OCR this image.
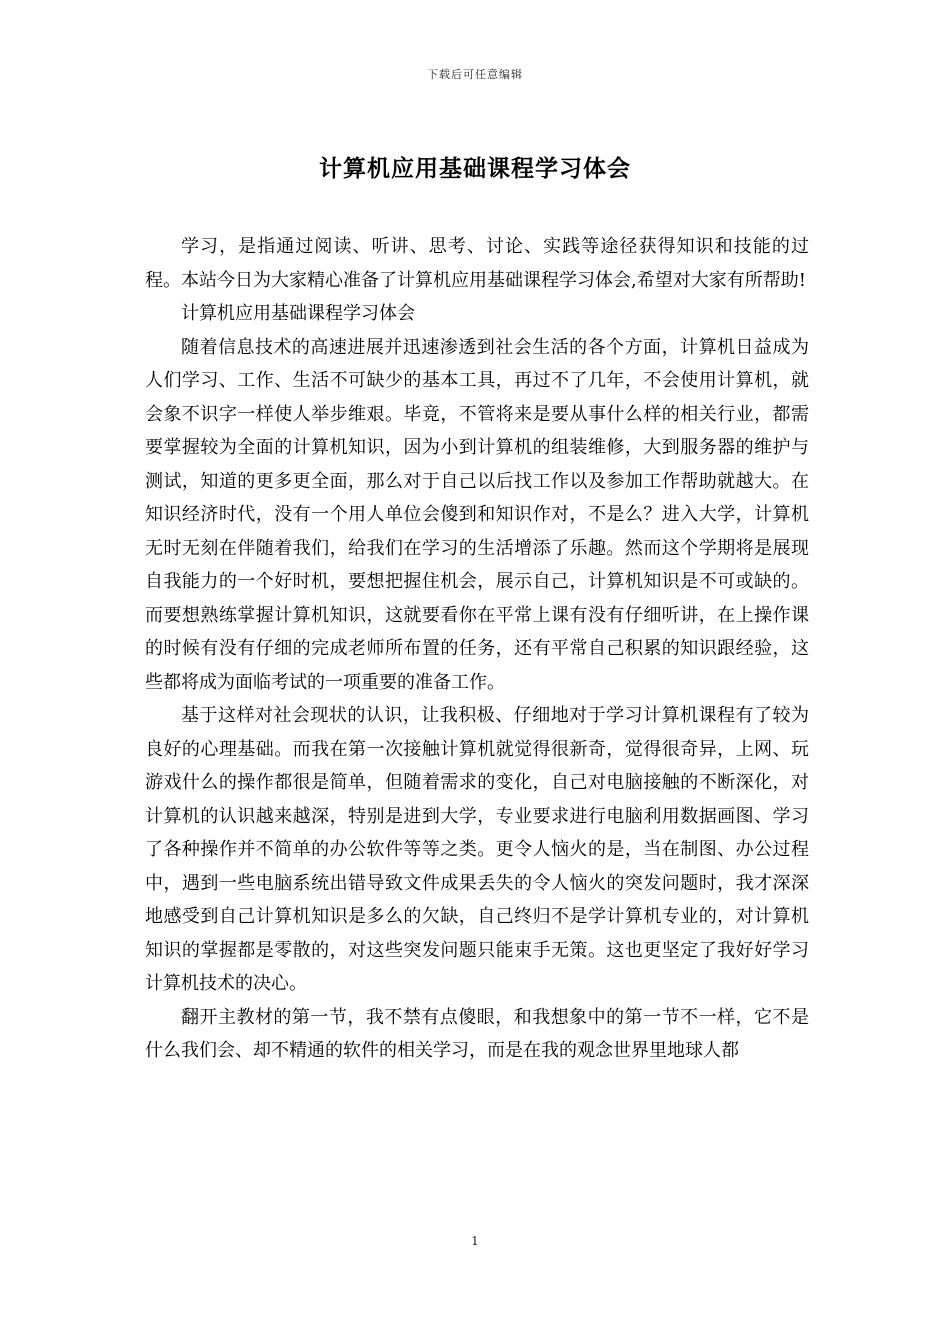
下载后可任意编辑
计算机应用基础课程学习体会

学习，是指通过阅读、听讲、思考、讨论、实践等途径获得知识和技能的过程。本站今日为大家精心准备了计算机应用基础课程学习体会,希望对大家有所帮助!

计算机应用基础课程学习体会

随着信息技术的高速进展并迅速渗透到社会生活的各个方面，计算机日益成为人们学习、工作、生活不可缺少的基本工具，再过不了几年，不会使用计算机，就会象不识字一样使人举步维艰。毕竟，不管将来是要从事什么样的相关行业，都需要掌握较为全面的计算机知识，因为小到计算机的组装维修，大到服务器的维护与测试，知道的更多更全面，那么对于自己以后找工作以及参加工作帮助就越大。在知识经济时代，没有一个用人单位会傻到和知识作对，不是么？进入大学，计算机无时无刻在伴随着我们，给我们在学习的生活增添了乐趣。然而这个学期将是展现自我能力的一个好时机，要想把握住机会，展示自己，计算机知识是不可或缺的。而要想熟练掌握计算机知识，这就要看你在平常上课有没有仔细听讲，在上操作课的时候有没有仔细的完成老师所布置的任务，还有平常自己积累的知识跟经验，这些都将成为面临考试的一项重要的准备工作。

基于这样对社会现状的认识，让我积极、仔细地对于学习计算机课程有了较为良好的心理基础。而我在第一次接触计算机就觉得很新奇，觉得很奇异，上网、玩游戏什么的操作都很是简单，但随着需求的变化，自己对电脑接触的不断深化，对计算机的认识越来越深，特别是进到大学，专业要求进行电脑利用数据画图、学习了各种操作并不简单的办公软件等等之类。更令人恼火的是，当在制图、办公过程中，遇到一些电脑系统出错导致文件成果丢失的令人恼火的突发问题时，我才深深地感受到自己计算机知识是多么的欠缺，自己终归不是学计算机专业的，对计算机知识的掌握都是零散的，对这些突发问题只能束手无策。这也更坚定了我好好学习计算机技术的决心。

翻开主教材的第一节，我不禁有点傻眼，和我想象中的第一节不一样，它不是什么我们会、却不精通的软件的相关学习，而是在我的观念世界里地球人都

1
